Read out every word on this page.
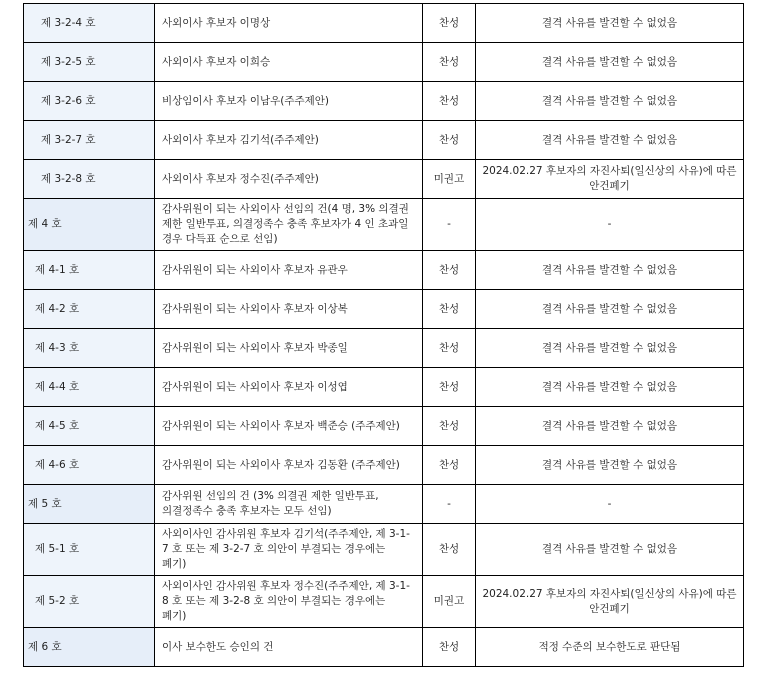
제 3-2-4 호	사외이사 후보자 이명상	찬성	결격 사유를 발견할 수 없었음
제 3-2-5 호	사외이사 후보자 이희승	찬성	결격 사유를 발견할 수 없었음
제 3-2-6 호	비상임이사 후보자 이남우(주주제안)	찬성	결격 사유를 발견할 수 없었음
제 3-2-7 호	사외이사 후보자 김기석(주주제안)	찬성	결격 사유를 발견할 수 없었음
제 3-2-8 호	사외이사 후보자 정수진(주주제안)	미권고	2024.02.27 후보자의 자진사퇴(일신상의 사유)에 따른 안건폐기
제 4 호	감사위원이 되는 사외이사 선임의 건(4 명, 3% 의결권 제한 일반투표, 의결정족수 충족 후보자가 4 인 초과일 경우 다득표 순으로 선임)	-	-
제 4-1 호	감사위원이 되는 사외이사 후보자 유관우	찬성	결격 사유를 발견할 수 없었음
제 4-2 호	감사위원이 되는 사외이사 후보자 이상복	찬성	결격 사유를 발견할 수 없었음
제 4-3 호	감사위원이 되는 사외이사 후보자 박종일	찬성	결격 사유를 발견할 수 없었음
제 4-4 호	감사위원이 되는 사외이사 후보자 이성엽	찬성	결격 사유를 발견할 수 없었음
제 4-5 호	감사위원이 되는 사외이사 후보자 백준승 (주주제안)	찬성	결격 사유를 발견할 수 없었음
제 4-6 호	감사위원이 되는 사외이사 후보자 김동환 (주주제안)	찬성	결격 사유를 발견할 수 없었음
제 5 호	감사위원 선임의 건 (3% 의결권 제한 일반투표, 의결정족수 충족 후보자는 모두 선임)	-	-
제 5-1 호	사외이사인 감사위원 후보자 김기석(주주제안, 제 3-1-7 호 또는 제 3-2-7 호 의안이 부결되는 경우에는 폐기)	찬성	결격 사유를 발견할 수 없었음
제 5-2 호	사외이사인 감사위원 후보자 정수진(주주제안, 제 3-1-8 호 또는 제 3-2-8 호 의안이 부결되는 경우에는 폐기)	미권고	2024.02.27 후보자의 자진사퇴(일신상의 사유)에 따른 안건폐기
제 6 호	이사 보수한도 승인의 건	찬성	적정 수준의 보수한도로 판단됨
